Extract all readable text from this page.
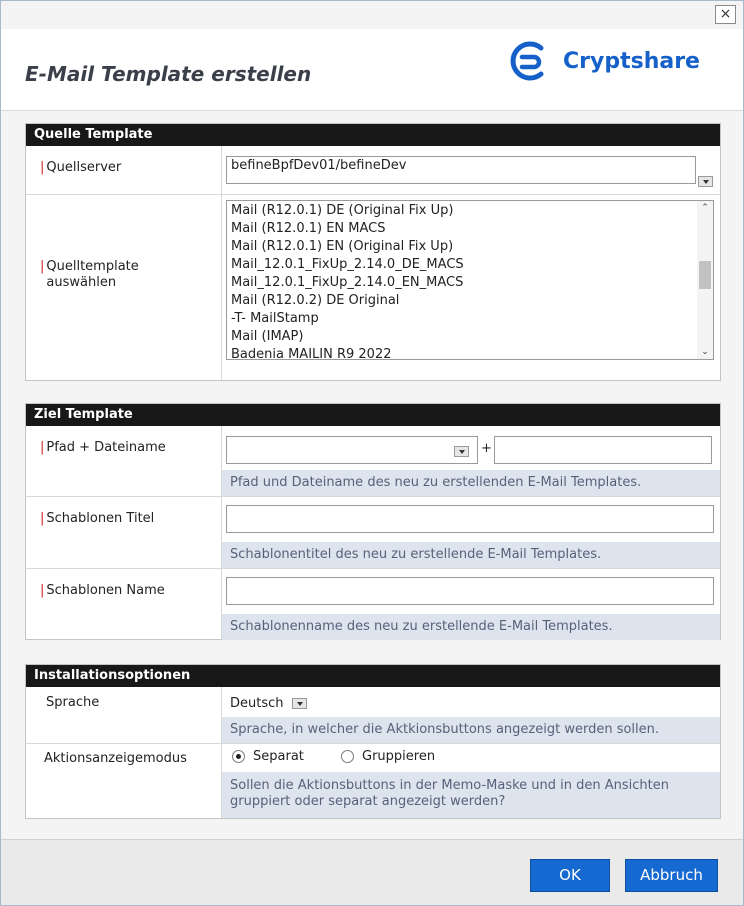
×
E-Mail Template erstellen
Cryptshare
Quelle Template
| Quellserver	befineBpfDev01/befineDev
| Quelltemplate auswählen
Mail (R12.0.1) DE (Original Fix Up)
Mail (R12.0.1) EN MACS
Mail (R12.0.1) EN (Original Fix Up)
Mail_12.0.1_FixUp_2.14.0_DE_MACS
Mail_12.0.1_FixUp_2.14.0_EN_MACS
Mail (R12.0.2) DE Original
-T- MailStamp
Mail (IMAP)
Badenia MAILIN R9 2022
⌃
⌄
Ziel Template
| Pfad + Dateiname	+
Pfad und Dateiname des neu zu erstellenden E-Mail Templates.
| Schablonen Titel
Schablonentitel des neu zu erstellende E-Mail Templates.
| Schablonen Name
Schablonenname des neu zu erstellende E-Mail Templates.
Installationsoptionen
Sprache	Deutsch
Sprache, in welcher die Aktkionsbuttons angezeigt werden sollen.
Aktionsanzeigemodus	Separat	Gruppieren
Sollen die Aktionsbuttons in der Memo-Maske und in den Ansichten
gruppiert oder separat angezeigt werden?
OK	Abbruch
